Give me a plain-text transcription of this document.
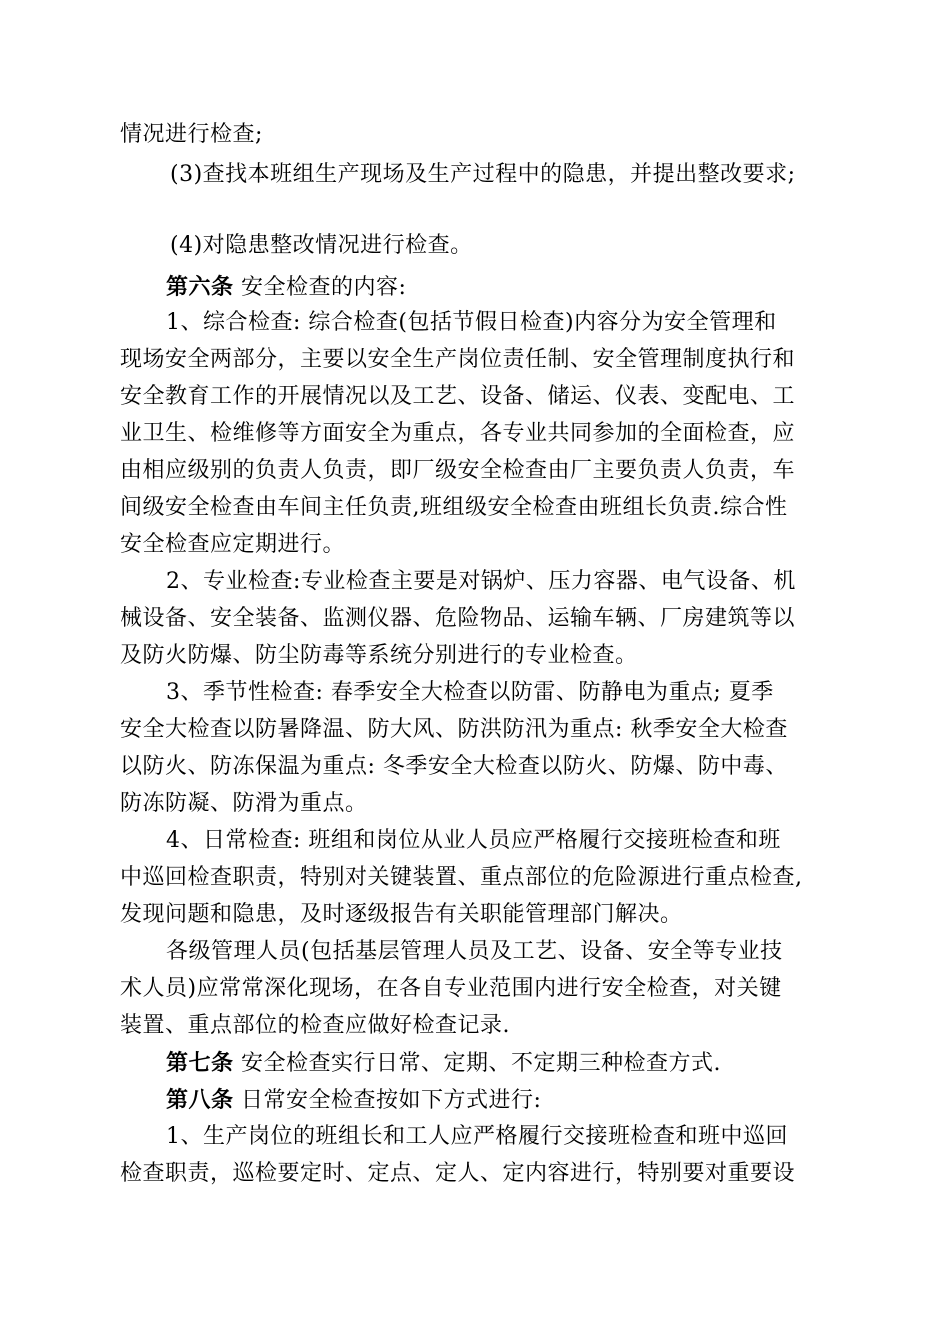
情况进行检查;
(3)查找本班组生产现场及生产过程中的隐患，并提出整改要求;
(4)对隐患整改情况进行检查。
第六条 安全检查的内容:
1、综合检查: 综合检查(包括节假日检查)内容分为安全管理和
现场安全两部分，主要以安全生产岗位责任制、安全管理制度执行和
安全教育工作的开展情况以及工艺、设备、储运、仪表、变配电、工
业卫生、检维修等方面安全为重点，各专业共同参加的全面检查，应
由相应级别的负责人负责，即厂级安全检查由厂主要负责人负责，车
间级安全检查由车间主任负责,班组级安全检查由班组长负责.综合性
安全检查应定期进行。
2、专业检查:专业检查主要是对锅炉、压力容器、电气设备、机
械设备、安全装备、监测仪器、危险物品、运输车辆、厂房建筑等以
及防火防爆、防尘防毒等系统分别进行的专业检查。
3、季节性检查: 春季安全大检查以防雷、防静电为重点; 夏季
安全大检查以防暑降温、防大风、防洪防汛为重点: 秋季安全大检查
以防火、防冻保温为重点: 冬季安全大检查以防火、防爆、防中毒、
防冻防凝、防滑为重点。
4、日常检查: 班组和岗位从业人员应严格履行交接班检查和班
中巡回检查职责，特别对关键装置、重点部位的危险源进行重点检查,
发现问题和隐患，及时逐级报告有关职能管理部门解决。
各级管理人员(包括基层管理人员及工艺、设备、安全等专业技
术人员)应常常深化现场，在各自专业范围内进行安全检查，对关键
装置、重点部位的检查应做好检查记录.
第七条 安全检查实行日常、定期、不定期三种检查方式.
第八条 日常安全检查按如下方式进行:
1、生产岗位的班组长和工人应严格履行交接班检查和班中巡回
检查职责，巡检要定时、定点、定人、定内容进行，特别要对重要设
